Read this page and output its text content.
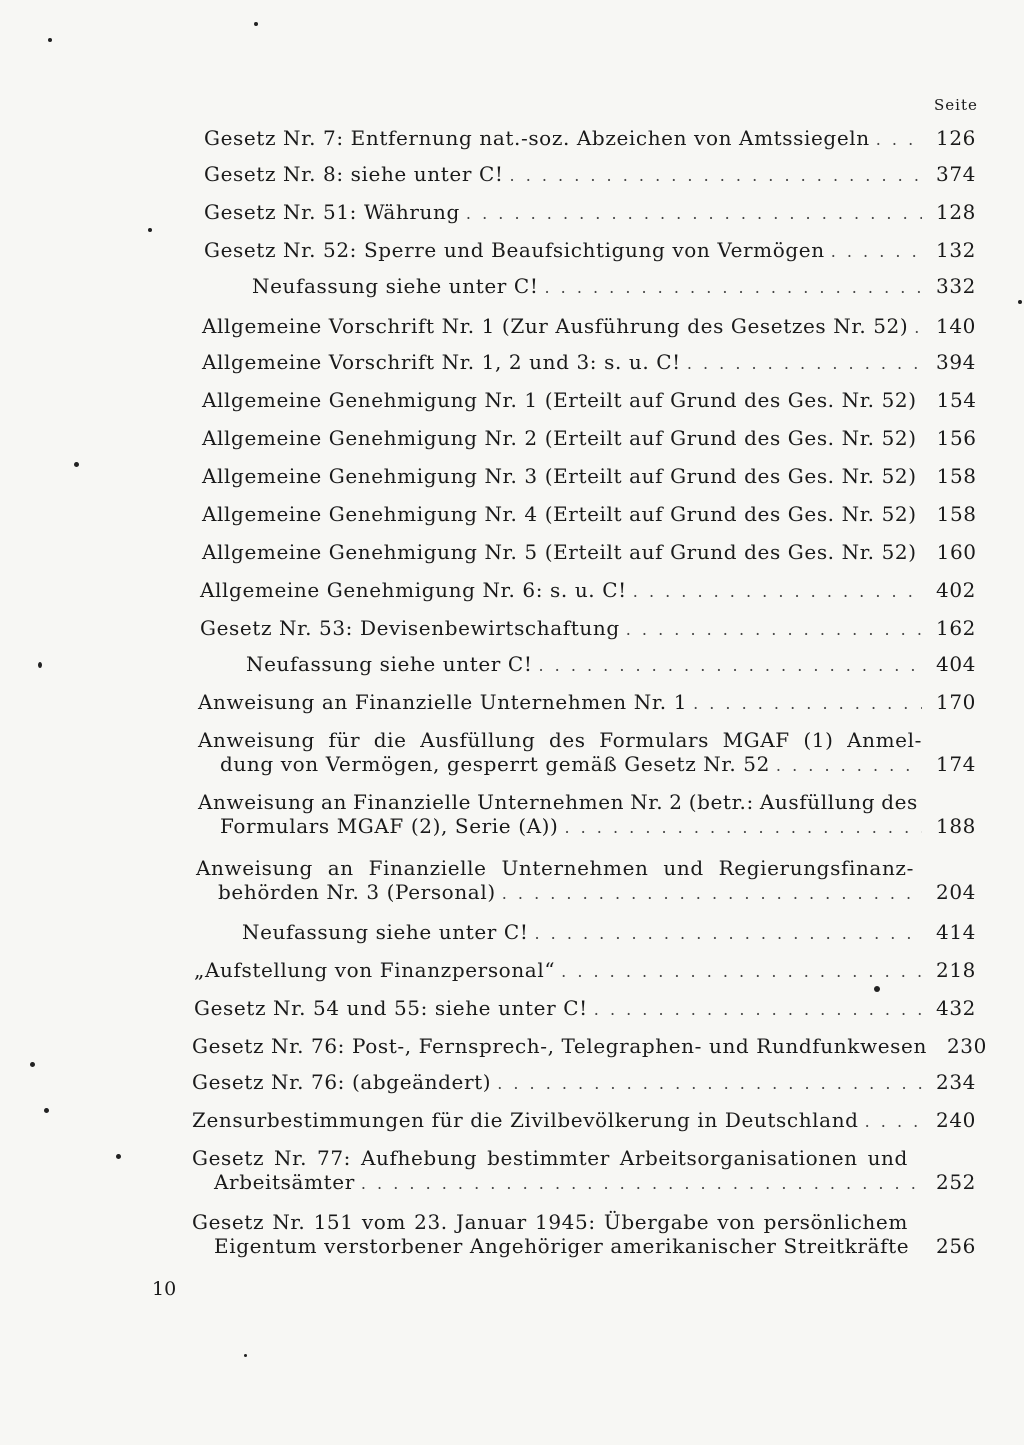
Seite
Gesetz Nr. 7: Entfernung nat.-soz. Abzeichen von Amtssiegeln . . .	126
Gesetz Nr. 8: siehe unter C! . . .	374
Gesetz Nr. 51: Währung . . .	128
Gesetz Nr. 52: Sperre und Beaufsichtigung von Vermögen . . .	132
Neufassung siehe unter C! . . .	332
Allgemeine Vorschrift Nr. 1 (Zur Ausführung des Gesetzes Nr. 52) . . .	140
Allgemeine Vorschrift Nr. 1, 2 und 3: s. u. C! . . .	394
Allgemeine Genehmigung Nr. 1 (Erteilt auf Grund des Ges. Nr. 52)	154
Allgemeine Genehmigung Nr. 2 (Erteilt auf Grund des Ges. Nr. 52)	156
Allgemeine Genehmigung Nr. 3 (Erteilt auf Grund des Ges. Nr. 52)	158
Allgemeine Genehmigung Nr. 4 (Erteilt auf Grund des Ges. Nr. 52)	158
Allgemeine Genehmigung Nr. 5 (Erteilt auf Grund des Ges. Nr. 52)	160
Allgemeine Genehmigung Nr. 6: s. u. C! . . .	402
Gesetz Nr. 53: Devisenbewirtschaftung . . .	162
Neufassung siehe unter C! . . .	404
Anweisung an Finanzielle Unternehmen Nr. 1 . . .	170
Anweisung für die Ausfüllung des Formulars MGAF (1) Anmel-
dung von Vermögen, gesperrt gemäß Gesetz Nr. 52 . . .	174
Anweisung an Finanzielle Unternehmen Nr. 2 (betr.: Ausfüllung des
Formulars MGAF (2), Serie (A)) . . .	188
Anweisung an Finanzielle Unternehmen und Regierungsfinanz-
behörden Nr. 3 (Personal) . . .	204
Neufassung siehe unter C! . . .	414
„Aufstellung von Finanzpersonal“ . . .	218
Gesetz Nr. 54 und 55: siehe unter C! . . .	432
Gesetz Nr. 76: Post-, Fernsprech-, Telegraphen- und Rundfunkwesen	230
Gesetz Nr. 76: (abgeändert) . . .	234
Zensurbestimmungen für die Zivilbevölkerung in Deutschland . . .	240
Gesetz Nr. 77: Aufhebung bestimmter Arbeitsorganisationen und
Arbeitsämter . . .	252
Gesetz Nr. 151 vom 23. Januar 1945: Übergabe von persönlichem
Eigentum verstorbener Angehöriger amerikanischer Streitkräfte	256
10
